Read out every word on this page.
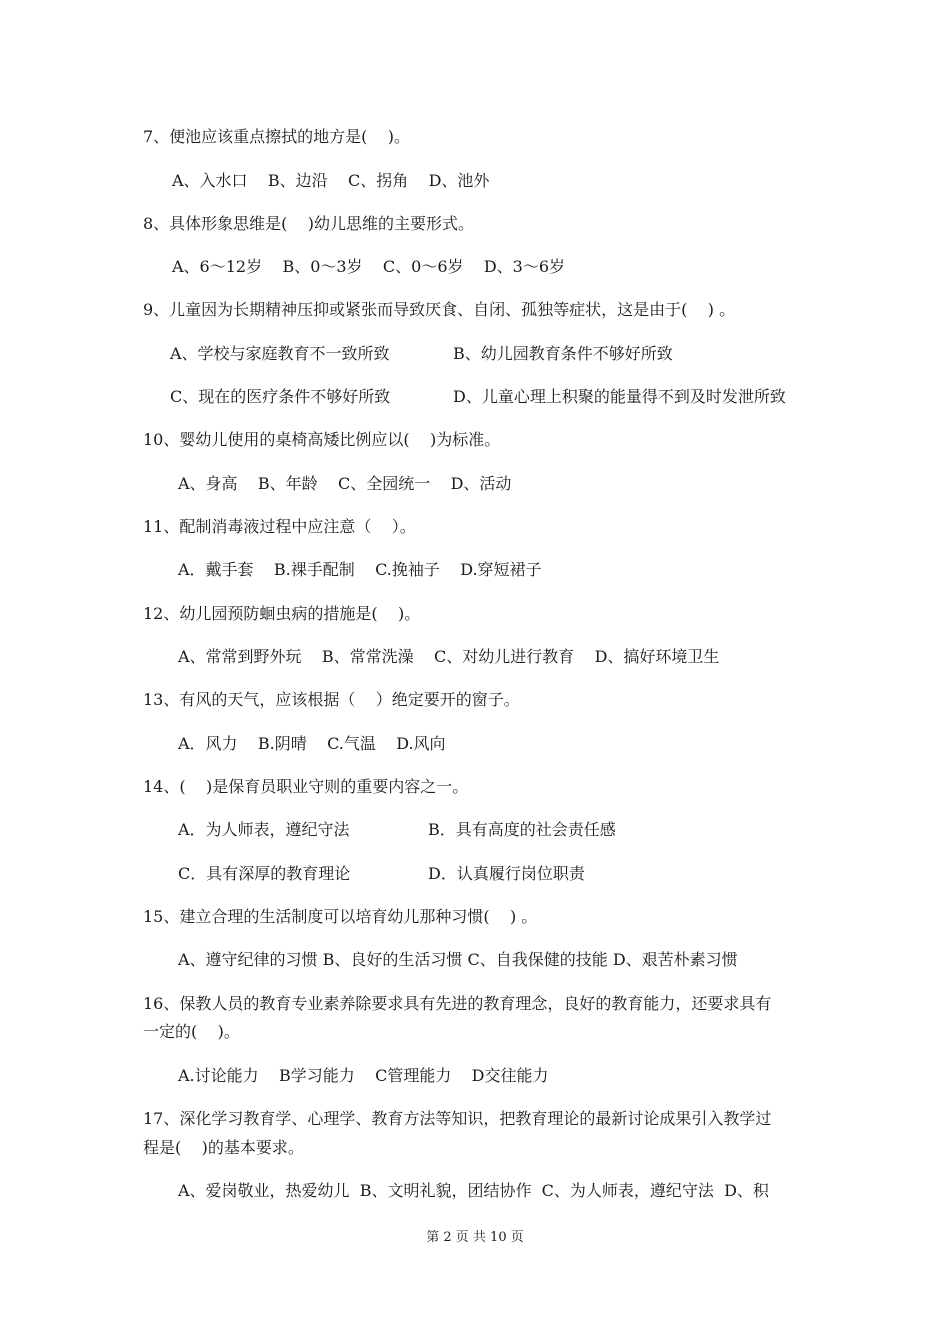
7、便池应该重点擦拭的地方是(    )。
A、入水口    B、边沿    C、拐角    D、池外
8、具体形象思维是(    )幼儿思维的主要形式。
A、6～12岁    B、0～3岁    C、0～6岁    D、3～6岁
9、儿童因为长期精神压抑或紧张而导致厌食、自闭、孤独等症状，这是由于(    ) 。
A、学校与家庭教育不一致所致	B、幼儿园教育条件不够好所致
C、现在的医疗条件不够好所致	D、儿童心理上积聚的能量得不到及时发泄所致
10、婴幼儿使用的桌椅高矮比例应以(    )为标准。
A、身高    B、年龄    C、全园统一    D、活动
11、配制消毒液过程中应注意（    ）。
A．戴手套    B.裸手配制    C.挽袖子    D.穿短裙子
12、幼儿园预防蛔虫病的措施是(    )。
A、常常到野外玩    B、常常洗澡    C、对幼儿进行教育    D、搞好环境卫生
13、有风的天气，应该根据（    ）绝定要开的窗子。
A．风力    B.阴晴    C.气温    D.风向
14、(    )是保育员职业守则的重要内容之一。
A．为人师表，遵纪守法	B．具有高度的社会责任感
C．具有深厚的教育理论	D．认真履行岗位职责
15、建立合理的生活制度可以培育幼儿那种习惯(    ) 。
A、遵守纪律的习惯 B、良好的生活习惯 C、自我保健的技能 D、艰苦朴素习惯
16、保教人员的教育专业素养除要求具有先进的教育理念，良好的教育能力，还要求具有
一定的(    )。
A.讨论能力    B学习能力    C管理能力    D交往能力
17、深化学习教育学、心理学、教育方法等知识，把教育理论的最新讨论成果引入教学过
程是(    )的基本要求。
A、爱岗敬业，热爱幼儿  B、文明礼貌，团结协作  C、为人师表，遵纪守法  D、积
第 2 页 共 10 页
